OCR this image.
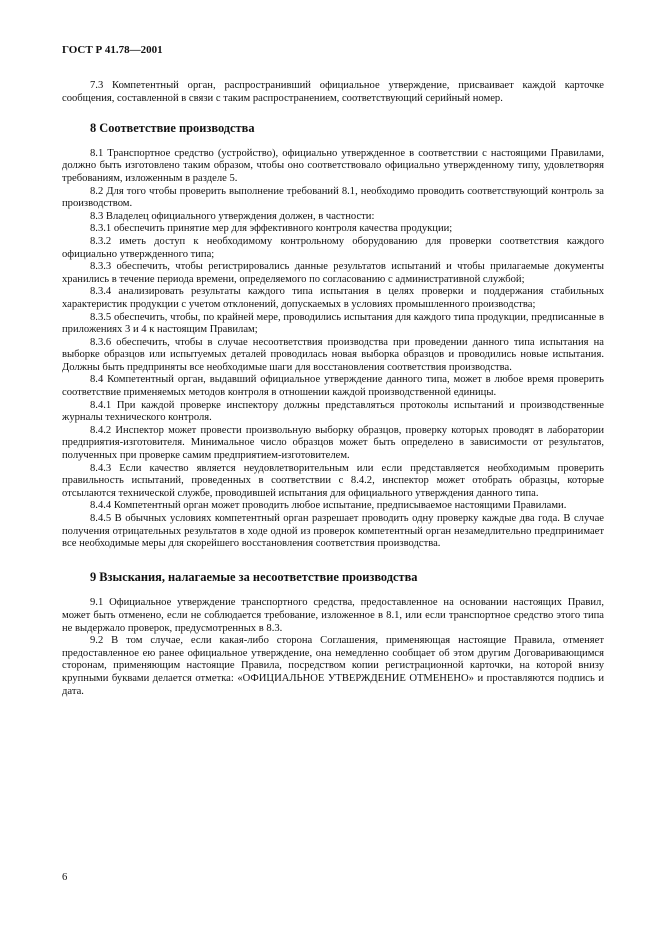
ГОСТ Р 41.78—2001

7.3 Компетентный орган, распространивший официальное утверждение, присваивает каждой карточке сообщения, составленной в связи с таким распространением, соответствующий серийный номер.

8 Соответствие производства

8.1 Транспортное средство (устройство), официально утвержденное в соответствии с настоящими Правилами, должно быть изготовлено таким образом, чтобы оно соответствовало официально утвержденному типу, удовлетворяя требованиям, изложенным в разделе 5.

8.2 Для того чтобы проверить выполнение требований 8.1, необходимо проводить соответствующий контроль за производством.

8.3 Владелец официального утверждения должен, в частности:

8.3.1 обеспечить принятие мер для эффективного контроля качества продукции;

8.3.2 иметь доступ к необходимому контрольному оборудованию для проверки соответствия каждого официально утвержденного типа;

8.3.3 обеспечить, чтобы регистрировались данные результатов испытаний и чтобы прилагаемые документы хранились в течение периода времени, определяемого по согласованию с административной службой;

8.3.4 анализировать результаты каждого типа испытания в целях проверки и поддержания стабильных характеристик продукции с учетом отклонений, допускаемых в условиях промышленного производства;

8.3.5 обеспечить, чтобы, по крайней мере, проводились испытания для каждого типа продукции, предписанные в приложениях 3 и 4 к настоящим Правилам;

8.3.6 обеспечить, чтобы в случае несоответствия производства при проведении данного типа испытания на выборке образцов или испытуемых деталей проводилась новая выборка образцов и проводились новые испытания. Должны быть предприняты все необходимые шаги для восстановления соответствия производства.

8.4 Компетентный орган, выдавший официальное утверждение данного типа, может в любое время проверить соответствие применяемых методов контроля в отношении каждой производственной единицы.

8.4.1 При каждой проверке инспектору должны представляться протоколы испытаний и производственные журналы технического контроля.

8.4.2 Инспектор может провести произвольную выборку образцов, проверку которых проводят в лаборатории предприятия-изготовителя. Минимальное число образцов может быть определено в зависимости от результатов, полученных при проверке самим предприятием-изготовителем.

8.4.3 Если качество является неудовлетворительным или если представляется необходимым проверить правильность испытаний, проведенных в соответствии с 8.4.2, инспектор может отобрать образцы, которые отсылаются технической службе, проводившей испытания для официального утверждения данного типа.

8.4.4 Компетентный орган может проводить любое испытание, предписываемое настоящими Правилами.

8.4.5 В обычных условиях компетентный орган разрешает проводить одну проверку каждые два года. В случае получения отрицательных результатов в ходе одной из проверок компетентный орган незамедлительно предпринимает все необходимые меры для скорейшего восстановления соответствия производства.

9 Взыскания, налагаемые за несоответствие производства

9.1 Официальное утверждение транспортного средства, предоставленное на основании настоящих Правил, может быть отменено, если не соблюдается требование, изложенное в 8.1, или если транспортное средство этого типа не выдержало проверок, предусмотренных в 8.3.

9.2 В том случае, если какая-либо сторона Соглашения, применяющая настоящие Правила, отменяет предоставленное ею ранее официальное утверждение, она немедленно сообщает об этом другим Договаривающимся сторонам, применяющим настоящие Правила, посредством копии регистрационной карточки, на которой внизу крупными буквами делается отметка: «ОФИЦИАЛЬНОЕ УТВЕРЖДЕНИЕ ОТМЕНЕНО» и проставляются подпись и дата.

6
